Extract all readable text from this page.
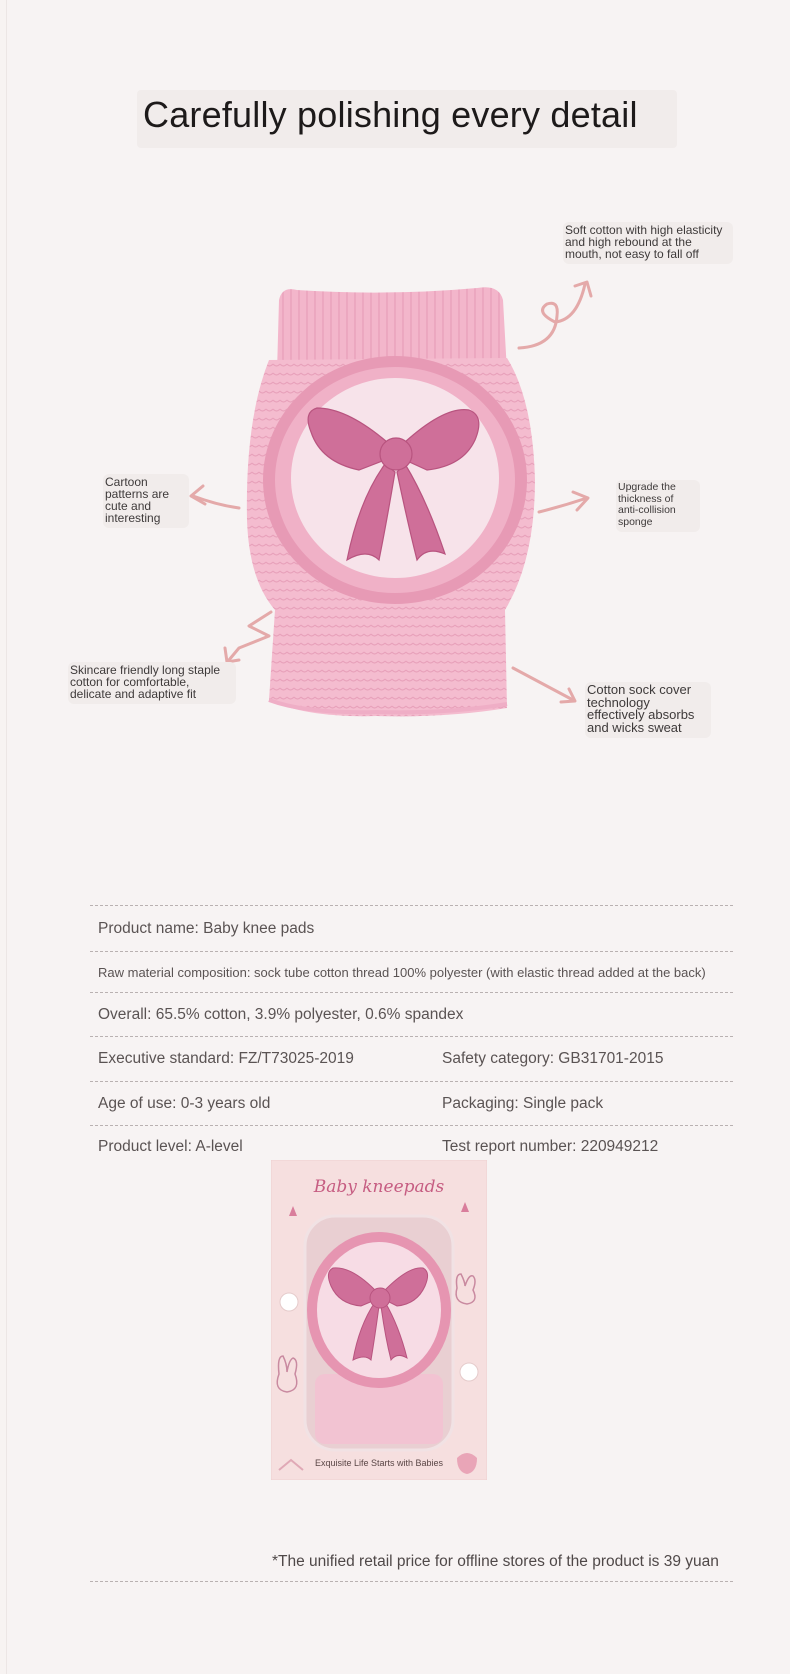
Carefully polishing every detail
Soft cotton with high elasticity and high rebound at the mouth, not easy to fall off
Cartoon patterns are cute and interesting
Upgrade the thickness of anti-collision sponge
Skincare friendly long staple cotton for comfortable, delicate and adaptive fit	Cotton sock cover technology effectively absorbs and wicks sweat
Product name: Baby knee pads
Raw material composition: sock tube cotton thread 100% polyester (with elastic thread added at the back)
Overall: 65.5% cotton, 3.9% polyester, 0.6% spandex
Executive standard: FZ/T73025-2019	Safety category: GB31701-2015
Age of use: 0-3 years old	Packaging: Single pack
Product level: A-level	Test report number: 220949212
Baby kneepads
Exquisite Life Starts with Babies
*The unified retail price for offline stores of the product is 39 yuan
